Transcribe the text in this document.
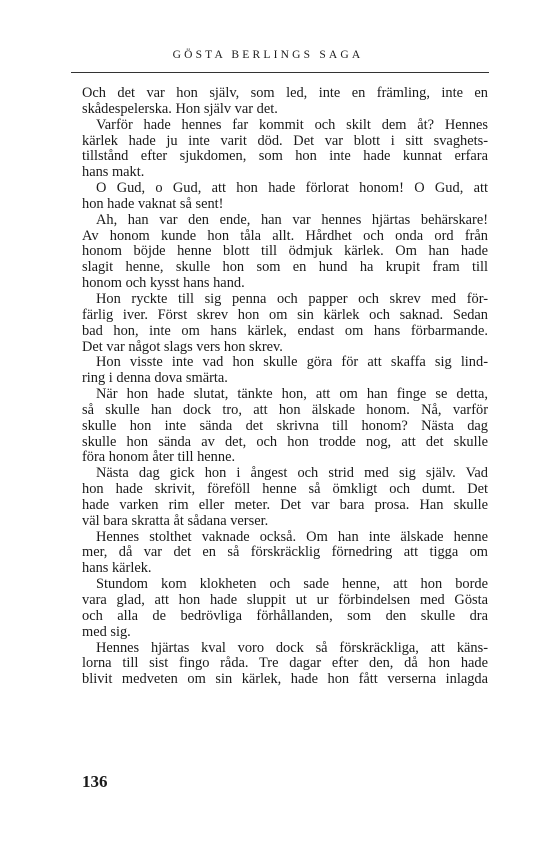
GÖSTA BERLINGS SAGA
Och det var hon själv, som led, inte en främling, inte en
skådespelerska. Hon själv var det.
Varför hade hennes far kommit och skilt dem åt? Hennes
kärlek hade ju inte varit död. Det var blott i sitt svaghets-
tillstånd efter sjukdomen, som hon inte hade kunnat erfara
hans makt.
O Gud, o Gud, att hon hade förlorat honom! O Gud, att
hon hade vaknat så sent!
Ah, han var den ende, han var hennes hjärtas behärskare!
Av honom kunde hon tåla allt. Hårdhet och onda ord från
honom böjde henne blott till ödmjuk kärlek. Om han hade
slagit henne, skulle hon som en hund ha krupit fram till
honom och kysst hans hand.
Hon ryckte till sig penna och papper och skrev med för-
färlig iver. Först skrev hon om sin kärlek och saknad. Sedan
bad hon, inte om hans kärlek, endast om hans förbarmande.
Det var något slags vers hon skrev.
Hon visste inte vad hon skulle göra för att skaffa sig lind-
ring i denna dova smärta.
När hon hade slutat, tänkte hon, att om han finge se detta,
så skulle han dock tro, att hon älskade honom. Nå, varför
skulle hon inte sända det skrivna till honom? Nästa dag
skulle hon sända av det, och hon trodde nog, att det skulle
föra honom åter till henne.
Nästa dag gick hon i ångest och strid med sig själv. Vad
hon hade skrivit, föreföll henne så ömkligt och dumt. Det
hade varken rim eller meter. Det var bara prosa. Han skulle
väl bara skratta åt sådana verser.
Hennes stolthet vaknade också. Om han inte älskade henne
mer, då var det en så förskräcklig förnedring att tigga om
hans kärlek.
Stundom kom klokheten och sade henne, att hon borde
vara glad, att hon hade sluppit ut ur förbindelsen med Gösta
och alla de bedrövliga förhållanden, som den skulle dra
med sig.
Hennes hjärtas kval voro dock så förskräckliga, att käns-
lorna till sist fingo råda. Tre dagar efter den, då hon hade
blivit medveten om sin kärlek, hade hon fått verserna inlagda
136
